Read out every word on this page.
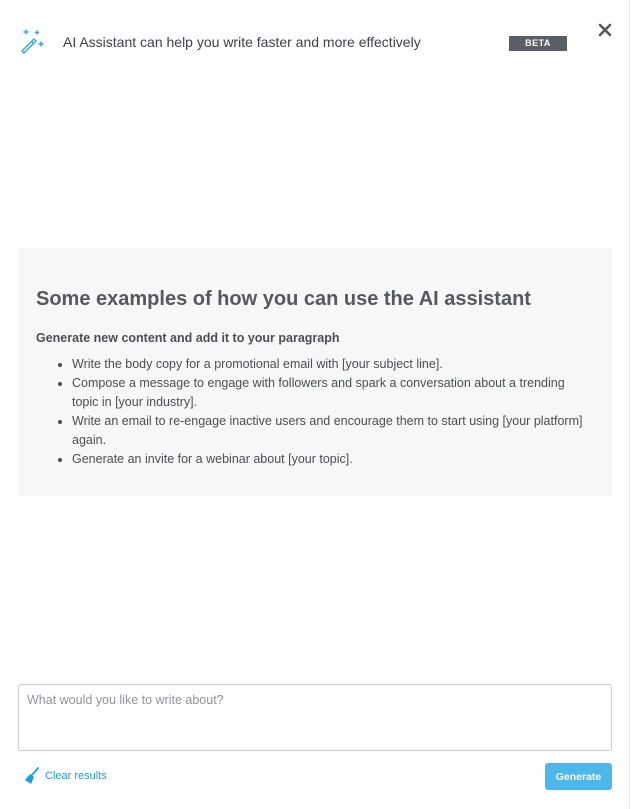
AI Assistant can help you write faster and more effectively	BETA
Some examples of how you can use the AI assistant
Generate new content and add it to your paragraph
• Write the body copy for a promotional email with [your subject line].
• Compose a message to engage with followers and spark a conversation about a trending topic in [your industry].
• Write an email to re-engage inactive users and encourage them to start using [your platform] again.
• Generate an invite for a webinar about [your topic].
What would you like to write about?
Clear results	Generate
